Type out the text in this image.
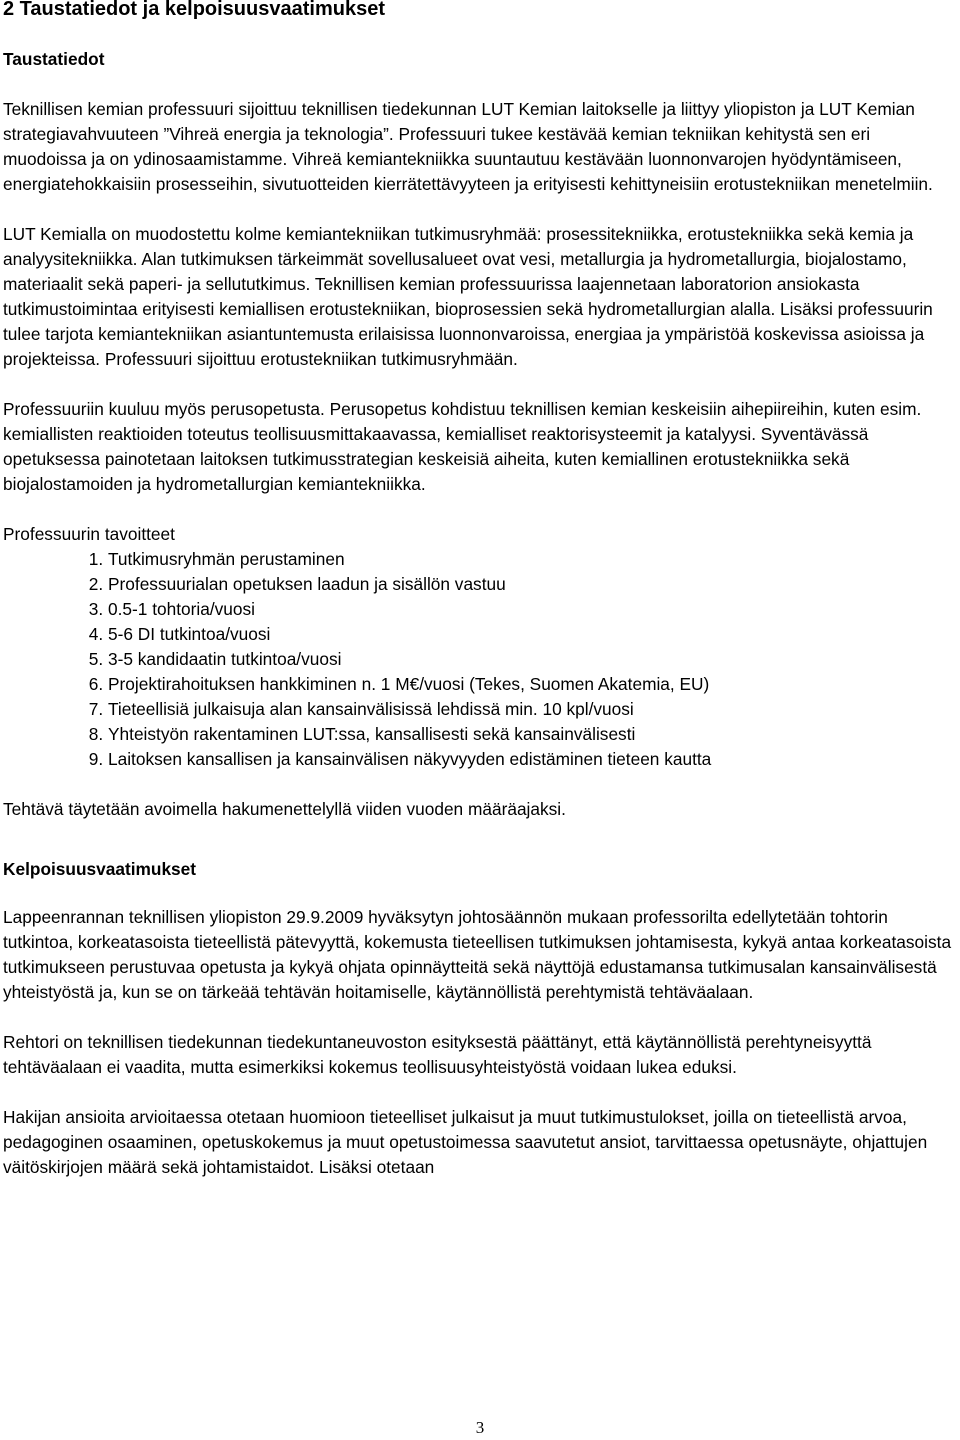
2 Taustatiedot ja kelpoisuusvaatimukset
Taustatiedot

Teknillisen kemian professuuri sijoittuu teknillisen tiedekunnan LUT Kemian laitokselle ja liittyy yliopiston ja LUT Kemian strategiavahvuuteen ”Vihreä energia ja teknologia”. Professuuri tukee kestävää kemian tekniikan kehitystä sen eri muodoissa ja on ydinosaamistamme. Vihreä kemiantekniikka suuntautuu kestävään luonnonvarojen hyödyntämiseen, energiatehokkaisiin prosesseihin, sivutuotteiden kierrätettävyyteen ja erityisesti kehittyneisiin erotustekniikan menetelmiin.

LUT Kemialla on muodostettu kolme kemiantekniikan tutkimusryhmää: prosessitekniikka, erotustekniikka sekä kemia ja analyysitekniikka. Alan tutkimuksen tärkeimmät sovellusalueet ovat vesi, metallurgia ja hydrometallurgia, biojalostamo, materiaalit sekä paperi- ja sellututkimus. Teknillisen kemian professuurissa laajennetaan laboratorion ansiokasta tutkimustoimintaa erityisesti kemiallisen erotustekniikan, bioprosessien sekä hydrometallurgian alalla. Lisäksi professuurin tulee tarjota kemiantekniikan asiantuntemusta erilaisissa luonnonvaroissa, energiaa ja ympäristöä koskevissa asioissa ja projekteissa. Professuuri sijoittuu erotustekniikan tutkimusryhmään.

Professuuriin kuuluu myös perusopetusta. Perusopetus kohdistuu teknillisen kemian keskeisiin aihepiireihin, kuten esim. kemiallisten reaktioiden toteutus teollisuusmittakaavassa, kemialliset reaktorisysteemit ja katalyysi. Syventävässä opetuksessa painotetaan laitoksen tutkimusstrategian keskeisiä aiheita, kuten kemiallinen erotustekniikka sekä biojalostamoiden ja hydrometallurgian kemiantekniikka.

Professuurin tavoitteet

1. Tutkimusryhmän perustaminen
2. Professuurialan opetuksen laadun ja sisällön vastuu
3. 0.5-1 tohtoria/vuosi
4. 5-6 DI tutkintoa/vuosi
5. 3-5 kandidaatin tutkintoa/vuosi
6. Projektirahoituksen hankkiminen n. 1 M€/vuosi (Tekes, Suomen Akatemia, EU)
7. Tieteellisiä julkaisuja alan kansainvälisissä lehdissä min. 10 kpl/vuosi
8. Yhteistyön rakentaminen LUT:ssa, kansallisesti sekä kansainvälisesti
9. Laitoksen kansallisen ja kansainvälisen näkyvyyden edistäminen tieteen kautta

Tehtävä täytetään avoimella hakumenettelyllä viiden vuoden määräajaksi.

Kelpoisuusvaatimukset

Lappeenrannan teknillisen yliopiston 29.9.2009 hyväksytyn johtosäännön mukaan professorilta edellytetään tohtorin tutkintoa, korkeatasoista tieteellistä pätevyyttä, kokemusta tieteellisen tutkimuksen johtamisesta, kykyä antaa korkeatasoista tutkimukseen perustuvaa opetusta ja kykyä ohjata opinnäytteitä sekä näyttöjä edustamansa tutkimusalan kansainvälisestä yhteistyöstä ja, kun se on tärkeää tehtävän hoitamiselle, käytännöllistä perehtymistä tehtäväalaan.

Rehtori on teknillisen tiedekunnan tiedekuntaneuvoston esityksestä päättänyt, että käytännöllistä perehtyneisyyttä tehtäväalaan ei vaadita, mutta esimerkiksi kokemus teollisuusyhteistyöstä voidaan lukea eduksi.

Hakijan ansioita arvioitaessa otetaan huomioon tieteelliset julkaisut ja muut tutkimustulokset, joilla on tieteellistä arvoa, pedagoginen osaaminen, opetuskokemus ja muut opetustoimessa saavutetut ansiot, tarvittaessa opetusnäyte, ohjattujen väitöskirjojen määrä sekä johtamistaidot. Lisäksi otetaan

3
